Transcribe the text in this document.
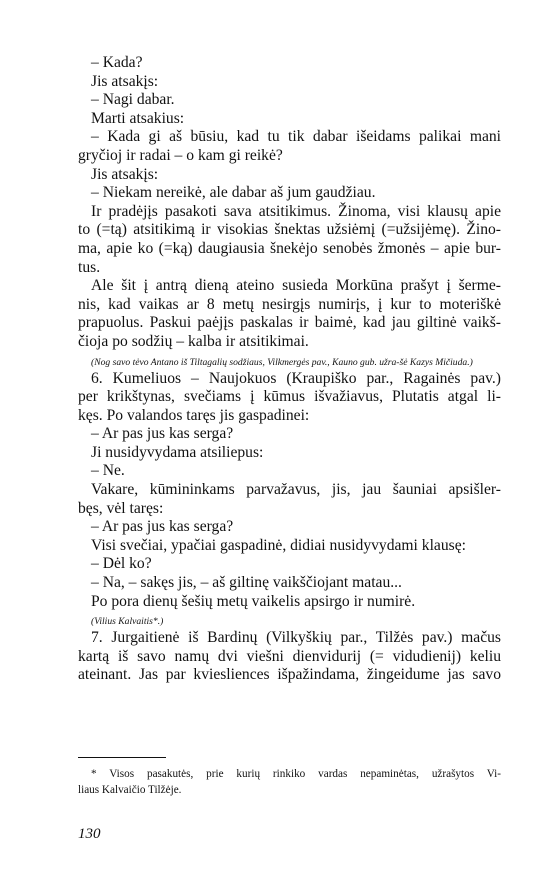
– Kada?
Jis atsakįs:
– Nagi dabar.
Marti atsakius:
– Kada gi aš būsiu, kad tu tik dabar išeidams palikai mani
gryčioj ir radai – o kam gi reikė?
Jis atsakįs:
– Niekam nereikė, ale dabar aš jum gaudžiau.
Ir pradėjįs pasakoti sava atsitikimus. Žinoma, visi klausų apie
to (=tą) atsitikimą ir visokias šnektas užsiėmį (=užsijėmę). Žino-
ma, apie ko (=ką) daugiausia šnekėjo senobės žmonės – apie bur-
tus.
Ale šit į antrą dieną ateino susieda Morkūna prašyt į šerme-
nis, kad vaikas ar 8 metų nesirgįs numirįs, į kur to moteriškė
prapuolus. Paskui paėjįs paskalas ir baimė, kad jau giltinė vaikš-
čioja po sodžių – kalba ir atsitikimai.
(Nog savo tėvo Antano iš Tiltagalių sodžiaus, Vilkmergės pav., Kauno gub. užra-šė Kazys Mičiuda.)
6. Kumeliuos – Naujokuos (Kraupiško par., Ragainės pav.)
per krikštynas, svečiams į kūmus išvažiavus, Plutatis atgal li-
kęs. Po valandos taręs jis gaspadinei:
– Ar pas jus kas serga?
Ji nusidyvydama atsiliepus:
– Ne.
Vakare, kūmininkams parvažavus, jis, jau šauniai apsišler-
bęs, vėl taręs:
– Ar pas jus kas serga?
Visi svečiai, ypačiai gaspadinė, didiai nusidyvydami klausę:
– Dėl ko?
– Na, – sakęs jis, – aš giltinę vaikščiojant matau...
Po pora dienų šešių metų vaikelis apsirgo ir numirė.
(Vilius Kalvaitis*.)
7. Jurgaitienė iš Bardinų (Vilkyškių par., Tilžės pav.) mačus
kartą iš savo namų dvi viešni dienvidurij (= vidudienij) keliu
ateinant. Jas par kviesliences išpažindama, žingeidume jas savo
* Visos pasakutės, prie kurių rinkiko vardas nepaminėtas, užrašytos Vi-
liaus Kalvaičio Tilžėje.
130
